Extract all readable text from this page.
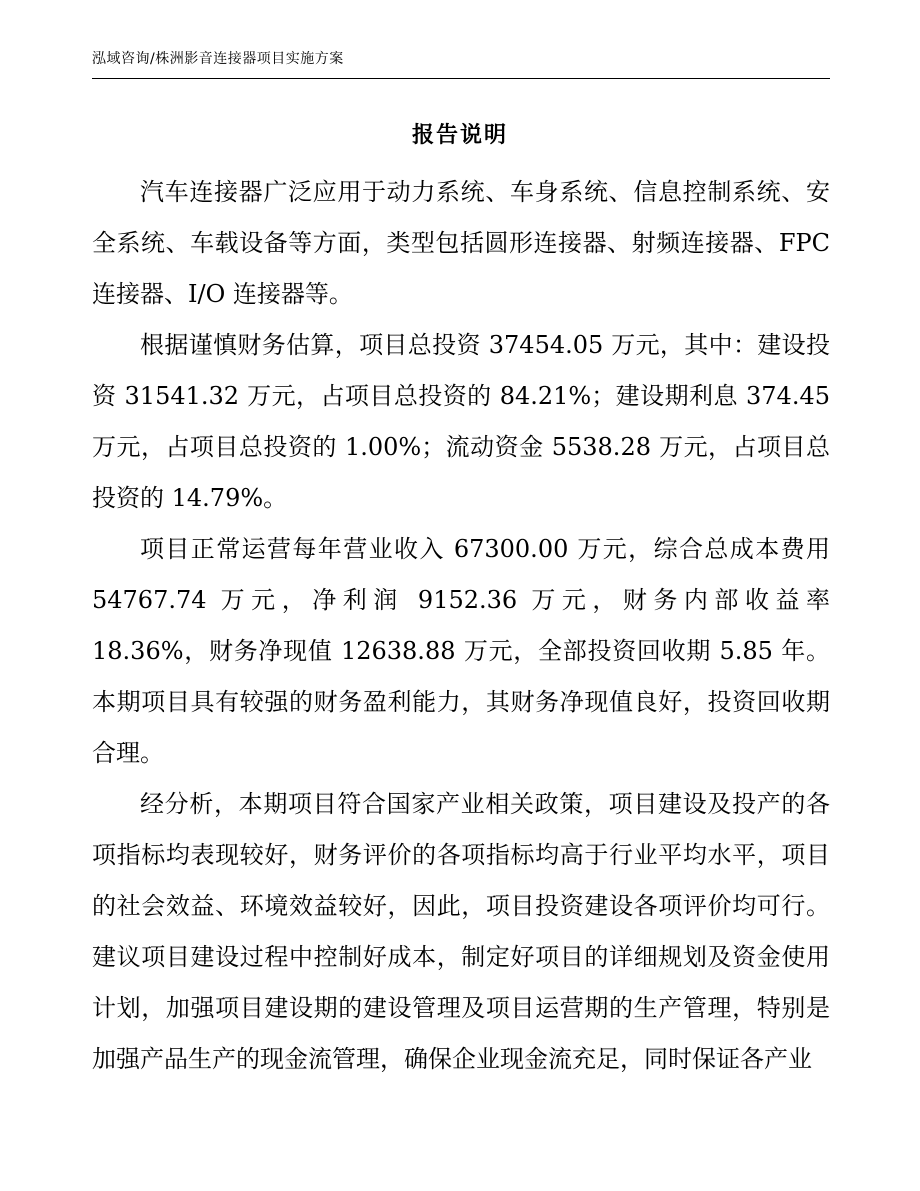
泓域咨询/株洲影音连接器项目实施方案
报告说明

汽车连接器广泛应用于动力系统、车身系统、信息控制系统、安全系统、车载设备等方面，类型包括圆形连接器、射频连接器、FPC 连接器、I/O 连接器等。

根据谨慎财务估算，项目总投资 37454.05 万元，其中：建设投资 31541.32 万元，占项目总投资的 84.21%；建设期利息 374.45 万元，占项目总投资的 1.00%；流动资金 5538.28 万元，占项目总投资的 14.79%。

项目正常运营每年营业收入 67300.00 万元，综合总成本费用 54767.74 万元，净利润 9152.36 万元，财务内部收益率 18.36%，财务净现值 12638.88 万元，全部投资回收期 5.85 年。本期项目具有较强的财务盈利能力，其财务净现值良好，投资回收期合理。

经分析，本期项目符合国家产业相关政策，项目建设及投产的各项指标均表现较好，财务评价的各项指标均高于行业平均水平，项目的社会效益、环境效益较好，因此，项目投资建设各项评价均可行。建议项目建设过程中控制好成本，制定好项目的详细规划及资金使用计划，加强项目建设期的建设管理及项目运营期的生产管理，特别是加强产品生产的现金流管理，确保企业现金流充足，同时保证各产业
